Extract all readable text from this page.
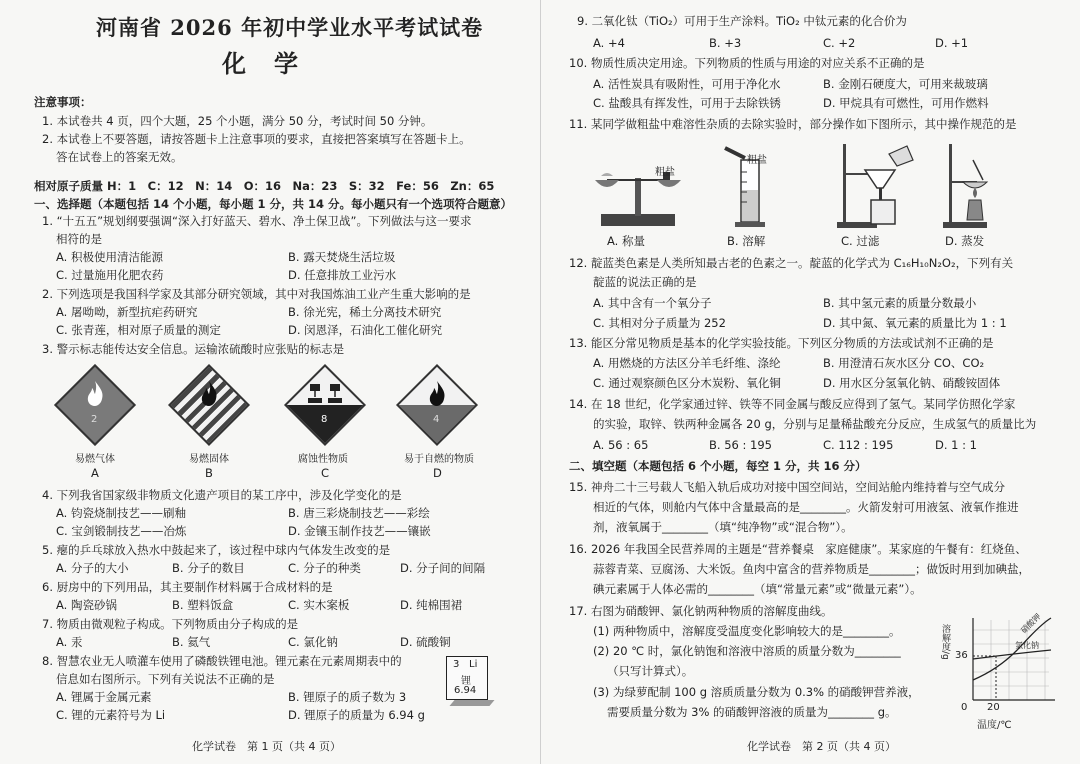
河南省 2026 年初中学业水平考试试卷
化学
注意事项：
1. 本试卷共 4 页，四个大题，25 个小题，满分 50 分，考试时间 50 分钟。
2. 本试卷上不要答题，请按答题卡上注意事项的要求，直接把答案填写在答题卡上。
答在试卷上的答案无效。
相对原子质量 H：1　C：12　N：14　O：16　Na：23　S：32　Fe：56　Zn：65
一、选择题（本题包括 14 个小题，每小题 1 分，共 14 分。每小题只有一个选项符合题意）
1. “十五五”规划纲要强调“深入打好蓝天、碧水、净土保卫战”。下列做法与这一要求
相符的是
A. 积极使用清洁能源	B. 露天焚烧生活垃圾
C. 过量施用化肥农药	D. 任意排放工业污水
2. 下列选项是我国科学家及其部分研究领域，其中对我国炼油工业产生重大影响的是
A. 屠呦呦，新型抗疟药研究	B. 徐光宪，稀土分离技术研究
C. 张青莲，相对原子质量的测定	D. 闵恩泽，石油化工催化研究
3. 警示标志能传达安全信息。运输浓硫酸时应张贴的标志是
2	8	4
易燃气体	易燃固体	腐蚀性物质	易于自燃的物质
A	B	C	D
4. 下列我省国家级非物质文化遗产项目的某工序中，涉及化学变化的是
A. 钧瓷烧制技艺——刷釉	B. 唐三彩烧制技艺——彩绘
C. 宝剑锻制技艺——冶炼	D. 金镶玉制作技艺——镶嵌
5. 瘪的乒乓球放入热水中鼓起来了，该过程中球内气体发生改变的是
A. 分子的大小	B. 分子的数目	C. 分子的种类	D. 分子间的间隔
6. 厨房中的下列用品，其主要制作材料属于合成材料的是
A. 陶瓷砂锅	B. 塑料饭盒	C. 实木案板	D. 纯棉围裙
7. 物质由微观粒子构成。下列物质由分子构成的是
A. 汞	B. 氦气	C. 氯化钠	D. 硫酸铜
8. 智慧农业无人喷灌车使用了磷酸铁锂电池。锂元素在元素周期表中的
信息如右图所示。下列有关说法不正确的是
A. 锂属于金属元素	B. 锂原子的质子数为 3
C. 锂的元素符号为 Li	D. 锂原子的质量为 6.94 g
3 Li
锂
6.94
化学试卷　第 1 页（共 4 页）
9. 二氧化钛（TiO₂）可用于生产涂料。TiO₂ 中钛元素的化合价为
A. +4	B. +3	C. +2	D. +1
10. 物质性质决定用途。下列物质的性质与用途的对应关系不正确的是
A. 活性炭具有吸附性，可用于净化水	B. 金刚石硬度大，可用来裁玻璃
C. 盐酸具有挥发性，可用于去除铁锈	D. 甲烷具有可燃性，可用作燃料
11. 某同学做粗盐中难溶性杂质的去除实验时，部分操作如下图所示，其中操作规范的是
粗盐
粗盐
A. 称量	B. 溶解	C. 过滤	D. 蒸发
12. 靛蓝类色素是人类所知最古老的色素之一。靛蓝的化学式为 C₁₆H₁₀N₂O₂，下列有关
靛蓝的说法正确的是
A. 其中含有一个氧分子	B. 其中氢元素的质量分数最小
C. 其相对分子质量为 252	D. 其中氮、氧元素的质量比为 1 : 1
13. 能区分常见物质是基本的化学实验技能。下列区分物质的方法或试剂不正确的是
A. 用燃烧的方法区分羊毛纤维、涤纶	B. 用澄清石灰水区分 CO、CO₂
C. 通过观察颜色区分木炭粉、氧化铜	D. 用水区分氢氧化钠、硝酸铵固体
14. 在 18 世纪，化学家通过锌、铁等不同金属与酸反应得到了氢气。某同学仿照化学家
的实验，取锌、铁两种金属各 20 g，分别与足量稀盐酸充分反应，生成氢气的质量比为
A. 56 : 65	B. 56 : 195	C. 112 : 195	D. 1 : 1
二、填空题（本题包括 6 个小题，每空 1 分，共 16 分）
15. 神舟二十三号载人飞船入轨后成功对接中国空间站，空间站舱内维持着与空气成分
相近的气体，则舱内气体中含量最高的是________。火箭发射可用液氢、液氧作推进
剂，液氧属于________（填“纯净物”或“混合物”）。
16. 2026 年我国全民营养周的主题是“营养餐桌　家庭健康”。某家庭的午餐有：红烧鱼、
蒜蓉青菜、豆腐汤、大米饭。鱼肉中富含的营养物质是________；做饭时用到加碘盐，
碘元素属于人体必需的________（填“常量元素”或“微量元素”）。
17. 右图为硝酸钾、氯化钠两种物质的溶解度曲线。
(1) 两种物质中，溶解度受温度变化影响较大的是________。
(2) 20 ℃ 时，氯化钠饱和溶液中溶质的质量分数为________
（只写计算式）。
(3) 为绿萝配制 100 g 溶质质量分数为 0.3% 的硝酸钾营养液，
需要质量分数为 3% 的硝酸钾溶液的质量为________ g。
溶解度/g 36
20
0
温度/℃
硝酸钾
氯化钠
化学试卷　第 2 页（共 4 页）
